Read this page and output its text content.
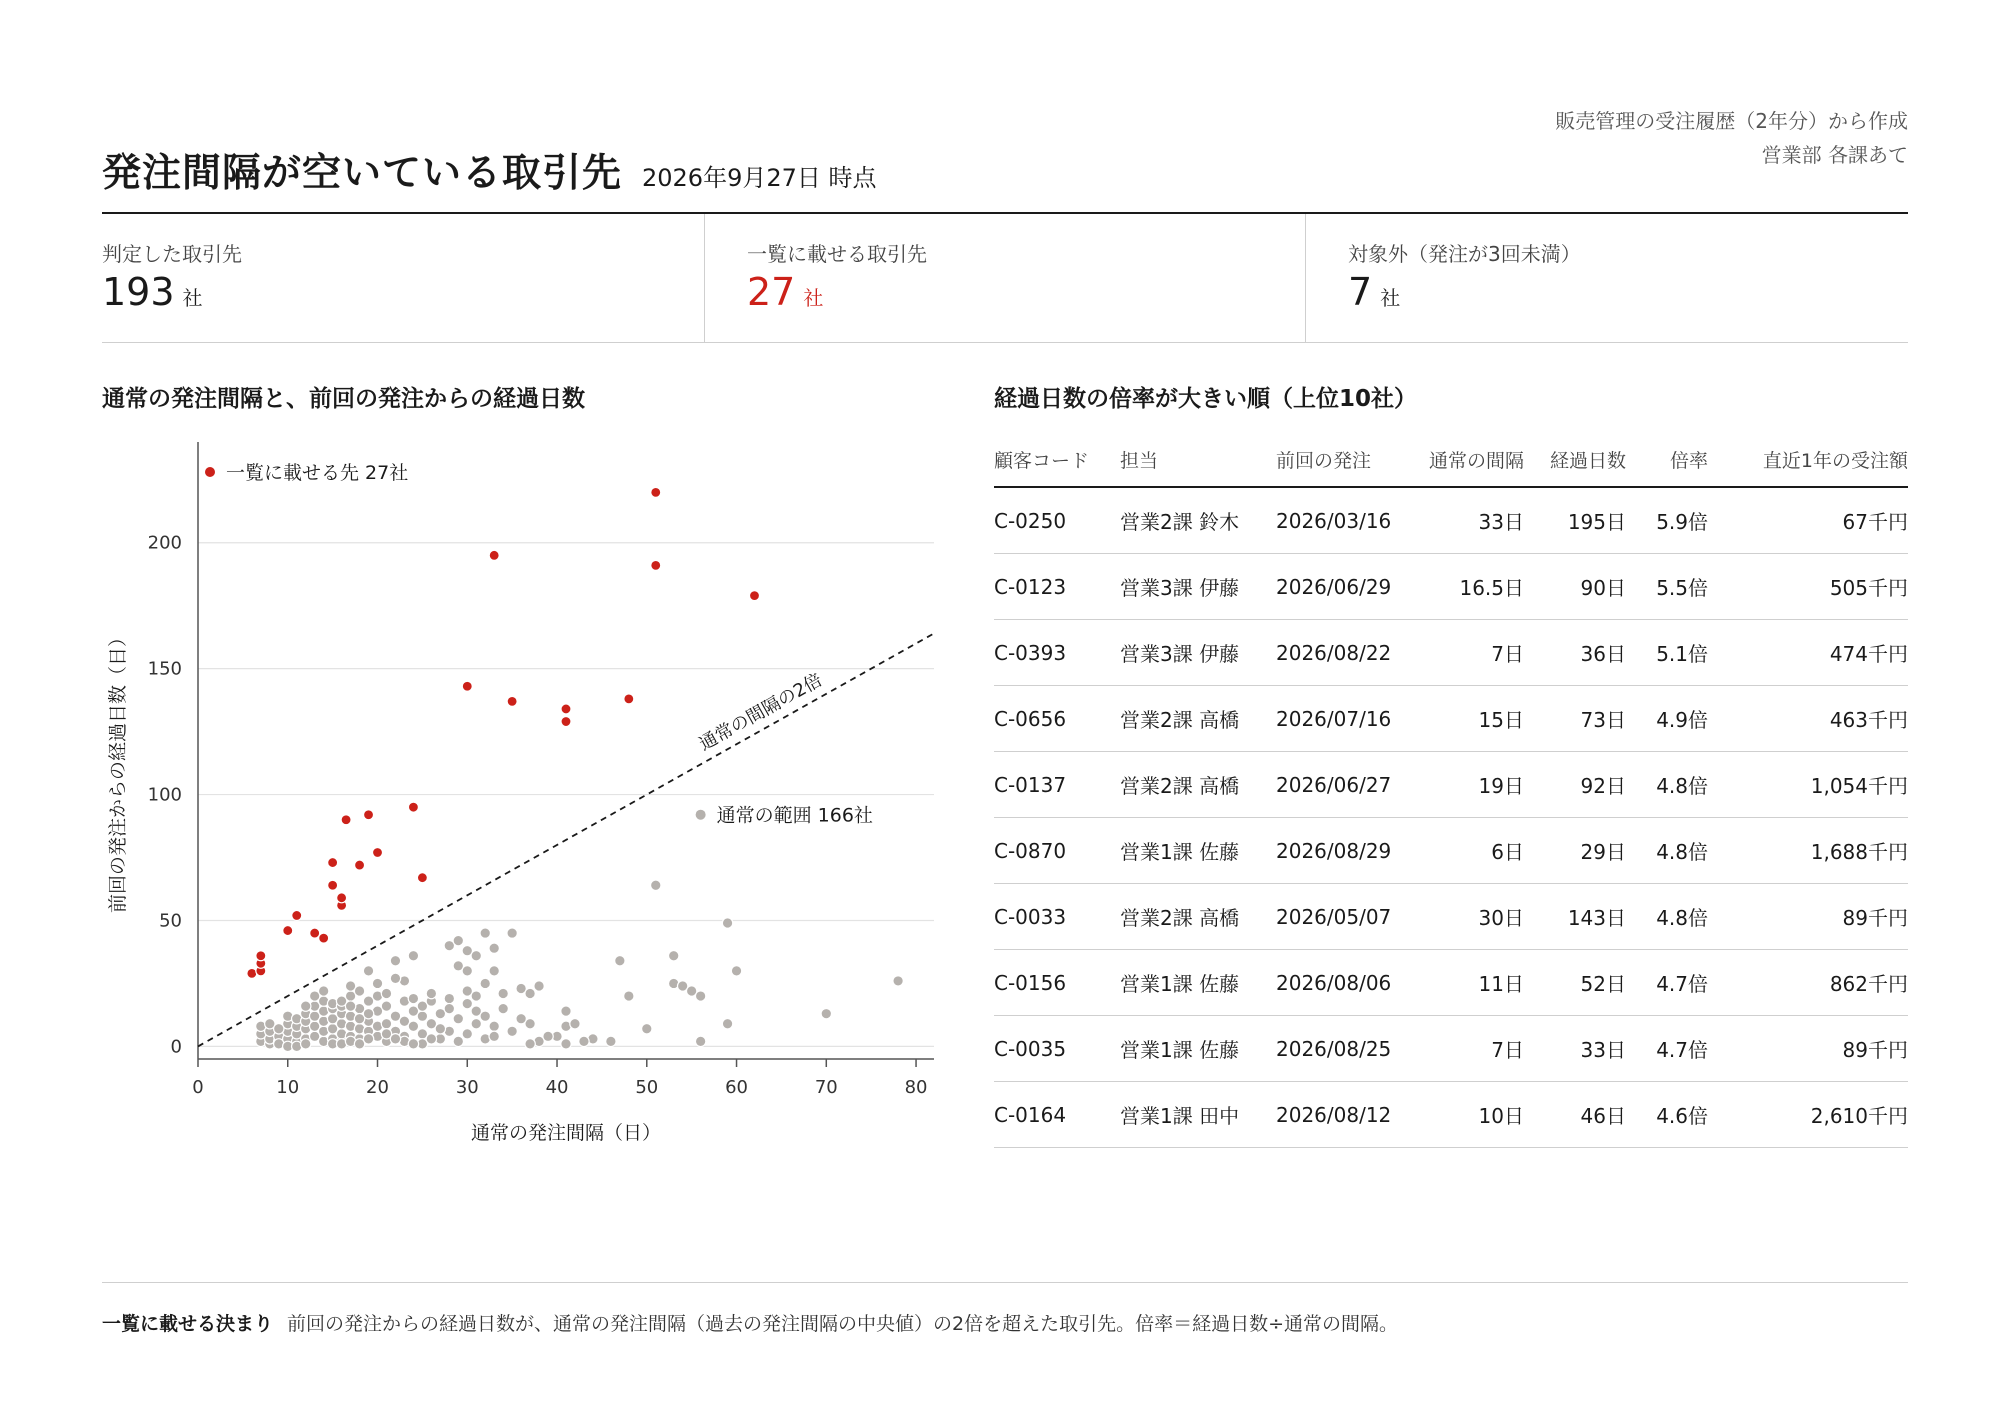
発注間隔が空いている取引先 2026年9月27日 時点
販売管理の受注履歴（2年分）から作成
営業部 各課あて
判定した取引先
193 社
一覧に載せる取引先
27 社
対象外（発注が3回未満）
7 社
通常の発注間隔と、前回の発注からの経過日数	経過日数の倍率が大きい順（上位10社）
0
50
100
150
200
0	10	20	30	40	50	60	70	80
通常の間隔の2倍
一覧に載せる先 27社
通常の範囲 166社
通常の発注間隔（日）
前回の発注からの経過日数（日）
顧客コード	担当	前回の発注	通常の間隔	経過日数	倍率	直近1年の受注額
C-0250	営業2課 鈴木	2026/03/16	33日	195日	5.9倍	67千円
C-0123	営業3課 伊藤	2026/06/29	16.5日	90日	5.5倍	505千円
C-0393	営業3課 伊藤	2026/08/22	7日	36日	5.1倍	474千円
C-0656	営業2課 高橋	2026/07/16	15日	73日	4.9倍	463千円
C-0137	営業2課 高橋	2026/06/27	19日	92日	4.8倍	1,054千円
C-0870	営業1課 佐藤	2026/08/29	6日	29日	4.8倍	1,688千円
C-0033	営業2課 高橋	2026/05/07	30日	143日	4.8倍	89千円
C-0156	営業1課 佐藤	2026/08/06	11日	52日	4.7倍	862千円
C-0035	営業1課 佐藤	2026/08/25	7日	33日	4.7倍	89千円
C-0164	営業1課 田中	2026/08/12	10日	46日	4.6倍	2,610千円
一覧に載せる決まり 前回の発注からの経過日数が、通常の発注間隔（過去の発注間隔の中央値）の2倍を超えた取引先。倍率＝経過日数÷通常の間隔。
